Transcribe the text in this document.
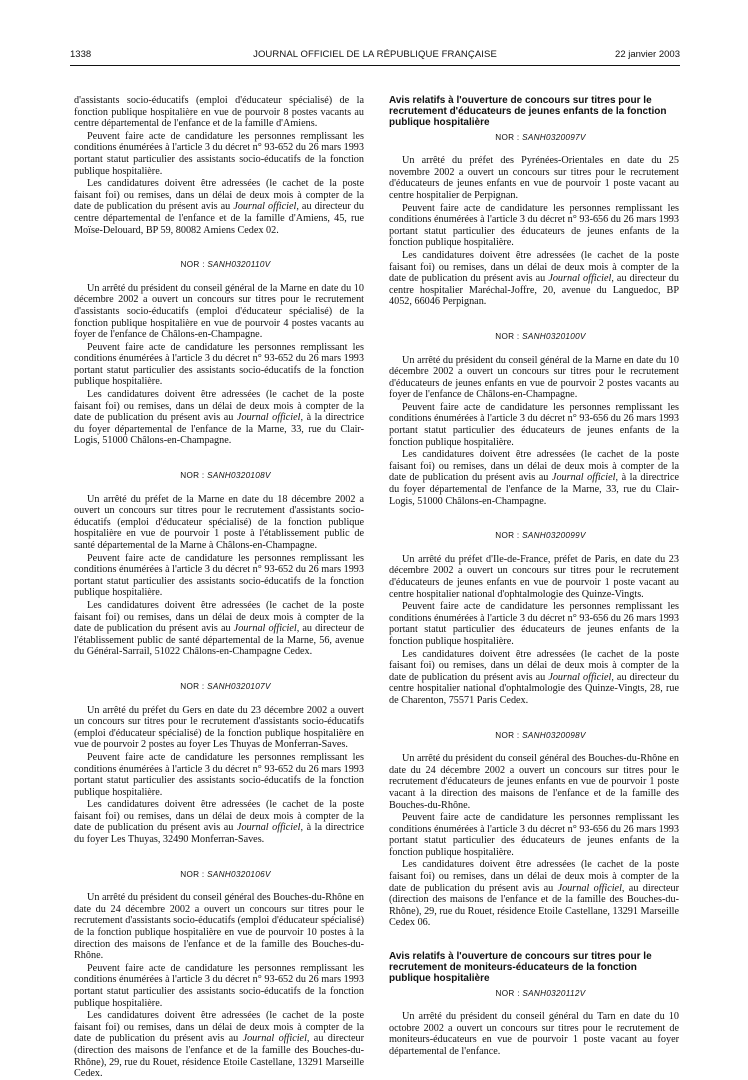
1338	JOURNAL OFFICIEL DE LA RÉPUBLIQUE FRANÇAISE	22 janvier 2003

d'assistants socio-éducatifs (emploi d'éducateur spécialisé) de la fonction publique hospitalière en vue de pourvoir 8 postes vacants au centre départemental de l'enfance et de la famille d'Amiens.

Peuvent faire acte de candidature les personnes remplissant les conditions énumérées à l'article 3 du décret n° 93-652 du 26 mars 1993 portant statut particulier des assistants socio-éducatifs de la fonction publique hospitalière.

Les candidatures doivent être adressées (le cachet de la poste faisant foi) ou remises, dans un délai de deux mois à compter de la date de publication du présent avis au Journal officiel, au directeur du centre départemental de l'enfance et de la famille d'Amiens, 45, rue Moïse-Delouard, BP 59, 80082 Amiens Cedex 02.

NOR : SANH0320110V

Un arrêté du président du conseil général de la Marne en date du 10 décembre 2002 a ouvert un concours sur titres pour le recrutement d'assistants socio-éducatifs (emploi d'éducateur spécialisé) de la fonction publique hospitalière en vue de pourvoir 4 postes vacants au foyer de l'enfance de Châlons-en-Champagne.

Peuvent faire acte de candidature les personnes remplissant les conditions énumérées à l'article 3 du décret n° 93-652 du 26 mars 1993 portant statut particulier des assistants socio-éducatifs de la fonction publique hospitalière.

Les candidatures doivent être adressées (le cachet de la poste faisant foi) ou remises, dans un délai de deux mois à compter de la date de publication du présent avis au Journal officiel, à la directrice du foyer départemental de l'enfance de la Marne, 33, rue du Clair-Logis, 51000 Châlons-en-Champagne.

NOR : SANH0320108V

Un arrêté du préfet de la Marne en date du 18 décembre 2002 a ouvert un concours sur titres pour le recrutement d'assistants socio-éducatifs (emploi d'éducateur spécialisé) de la fonction publique hospitalière en vue de pourvoir 1 poste à l'établissement public de santé départemental de la Marne à Châlons-en-Champagne.

Peuvent faire acte de candidature les personnes remplissant les conditions énumérées à l'article 3 du décret n° 93-652 du 26 mars 1993 portant statut particulier des assistants socio-éducatifs de la fonction publique hospitalière.

Les candidatures doivent être adressées (le cachet de la poste faisant foi) ou remises, dans un délai de deux mois à compter de la date de publication du présent avis au Journal officiel, au directeur de l'établissement public de santé départemental de la Marne, 56, avenue du Général-Sarrail, 51022 Châlons-en-Champagne Cedex.

NOR : SANH0320107V

Un arrêté du préfet du Gers en date du 23 décembre 2002 a ouvert un concours sur titres pour le recrutement d'assistants socio-éducatifs (emploi d'éducateur spécialisé) de la fonction publique hospitalière en vue de pourvoir 2 postes au foyer Les Thuyas de Monferran-Saves.

Peuvent faire acte de candidature les personnes remplissant les conditions énumérées à l'article 3 du décret n° 93-652 du 26 mars 1993 portant statut particulier des assistants socio-éducatifs de la fonction publique hospitalière.

Les candidatures doivent être adressées (le cachet de la poste faisant foi) ou remises, dans un délai de deux mois à compter de la date de publication du présent avis au Journal officiel, à la directrice du foyer Les Thuyas, 32490 Monferran-Saves.

NOR : SANH0320106V

Un arrêté du président du conseil général des Bouches-du-Rhône en date du 24 décembre 2002 a ouvert un concours sur titres pour le recrutement d'assistants socio-éducatifs (emploi d'éducateur spécialisé) de la fonction publique hospitalière en vue de pourvoir 10 postes à la direction des maisons de l'enfance et de la famille des Bouches-du-Rhône.

Peuvent faire acte de candidature les personnes remplissant les conditions énumérées à l'article 3 du décret n° 93-652 du 26 mars 1993 portant statut particulier des assistants socio-éducatifs de la fonction publique hospitalière.

Les candidatures doivent être adressées (le cachet de la poste faisant foi) ou remises, dans un délai de deux mois à compter de la date de publication du présent avis au Journal officiel, au directeur (direction des maisons de l'enfance et de la famille des Bouches-du-Rhône), 29, rue du Rouet, résidence Etoile Castellane, 13291 Marseille Cedex.

Avis relatifs à l'ouverture de concours sur titres pour le recrutement d'éducateurs de jeunes enfants de la fonction publique hospitalière

NOR : SANH0320097V

Un arrêté du préfet des Pyrénées-Orientales en date du 25 novembre 2002 a ouvert un concours sur titres pour le recrutement d'éducateurs de jeunes enfants en vue de pourvoir 1 poste vacant au centre hospitalier de Perpignan.

Peuvent faire acte de candidature les personnes remplissant les conditions énumérées à l'article 3 du décret n° 93-656 du 26 mars 1993 portant statut particulier des éducateurs de jeunes enfants de la fonction publique hospitalière.

Les candidatures doivent être adressées (le cachet de la poste faisant foi) ou remises, dans un délai de deux mois à compter de la date de publication du présent avis au Journal officiel, au directeur du centre hospitalier Maréchal-Joffre, 20, avenue du Languedoc, BP 4052, 66046 Perpignan.

NOR : SANH0320100V

Un arrêté du président du conseil général de la Marne en date du 10 décembre 2002 a ouvert un concours sur titres pour le recrutement d'éducateurs de jeunes enfants en vue de pourvoir 2 postes vacants au foyer de l'enfance de Châlons-en-Champagne.

Peuvent faire acte de candidature les personnes remplissant les conditions énumérées à l'article 3 du décret n° 93-656 du 26 mars 1993 portant statut particulier des éducateurs de jeunes enfants de la fonction publique hospitalière.

Les candidatures doivent être adressées (le cachet de la poste faisant foi) ou remises, dans un délai de deux mois à compter de la date de publication du présent avis au Journal officiel, à la directrice du foyer départemental de l'enfance de la Marne, 33, rue du Clair-Logis, 51000 Châlons-en-Champagne.

NOR : SANH0320099V

Un arrêté du préfet d'Ile-de-France, préfet de Paris, en date du 23 décembre 2002 a ouvert un concours sur titres pour le recrutement d'éducateurs de jeunes enfants en vue de pourvoir 1 poste vacant au centre hospitalier national d'ophtalmologie des Quinze-Vingts.

Peuvent faire acte de candidature les personnes remplissant les conditions énumérées à l'article 3 du décret n° 93-656 du 26 mars 1993 portant statut particulier des éducateurs de jeunes enfants de la fonction publique hospitalière.

Les candidatures doivent être adressées (le cachet de la poste faisant foi) ou remises, dans un délai de deux mois à compter de la date de publication du présent avis au Journal officiel, au directeur du centre hospitalier national d'ophtalmologie des Quinze-Vingts, 28, rue de Charenton, 75571 Paris Cedex.

NOR : SANH0320098V

Un arrêté du président du conseil général des Bouches-du-Rhône en date du 24 décembre 2002 a ouvert un concours sur titres pour le recrutement d'éducateurs de jeunes enfants en vue de pourvoir 1 poste vacant à la direction des maisons de l'enfance et de la famille des Bouches-du-Rhône.

Peuvent faire acte de candidature les personnes remplissant les conditions énumérées à l'article 3 du décret n° 93-656 du 26 mars 1993 portant statut particulier des éducateurs de jeunes enfants de la fonction publique hospitalière.

Les candidatures doivent être adressées (le cachet de la poste faisant foi) ou remises, dans un délai de deux mois à compter de la date de publication du présent avis au Journal officiel, au directeur (direction des maisons de l'enfance et de la famille des Bouches-du-Rhône), 29, rue du Rouet, résidence Etoile Castellane, 13291 Marseille Cedex 06.

Avis relatifs à l'ouverture de concours sur titres pour le recrutement de moniteurs-éducateurs de la fonction publique hospitalière

NOR : SANH0320112V

Un arrêté du président du conseil général du Tarn en date du 10 octobre 2002 a ouvert un concours sur titres pour le recrutement de moniteurs-éducateurs en vue de pourvoir 1 poste vacant au foyer départemental de l'enfance.
